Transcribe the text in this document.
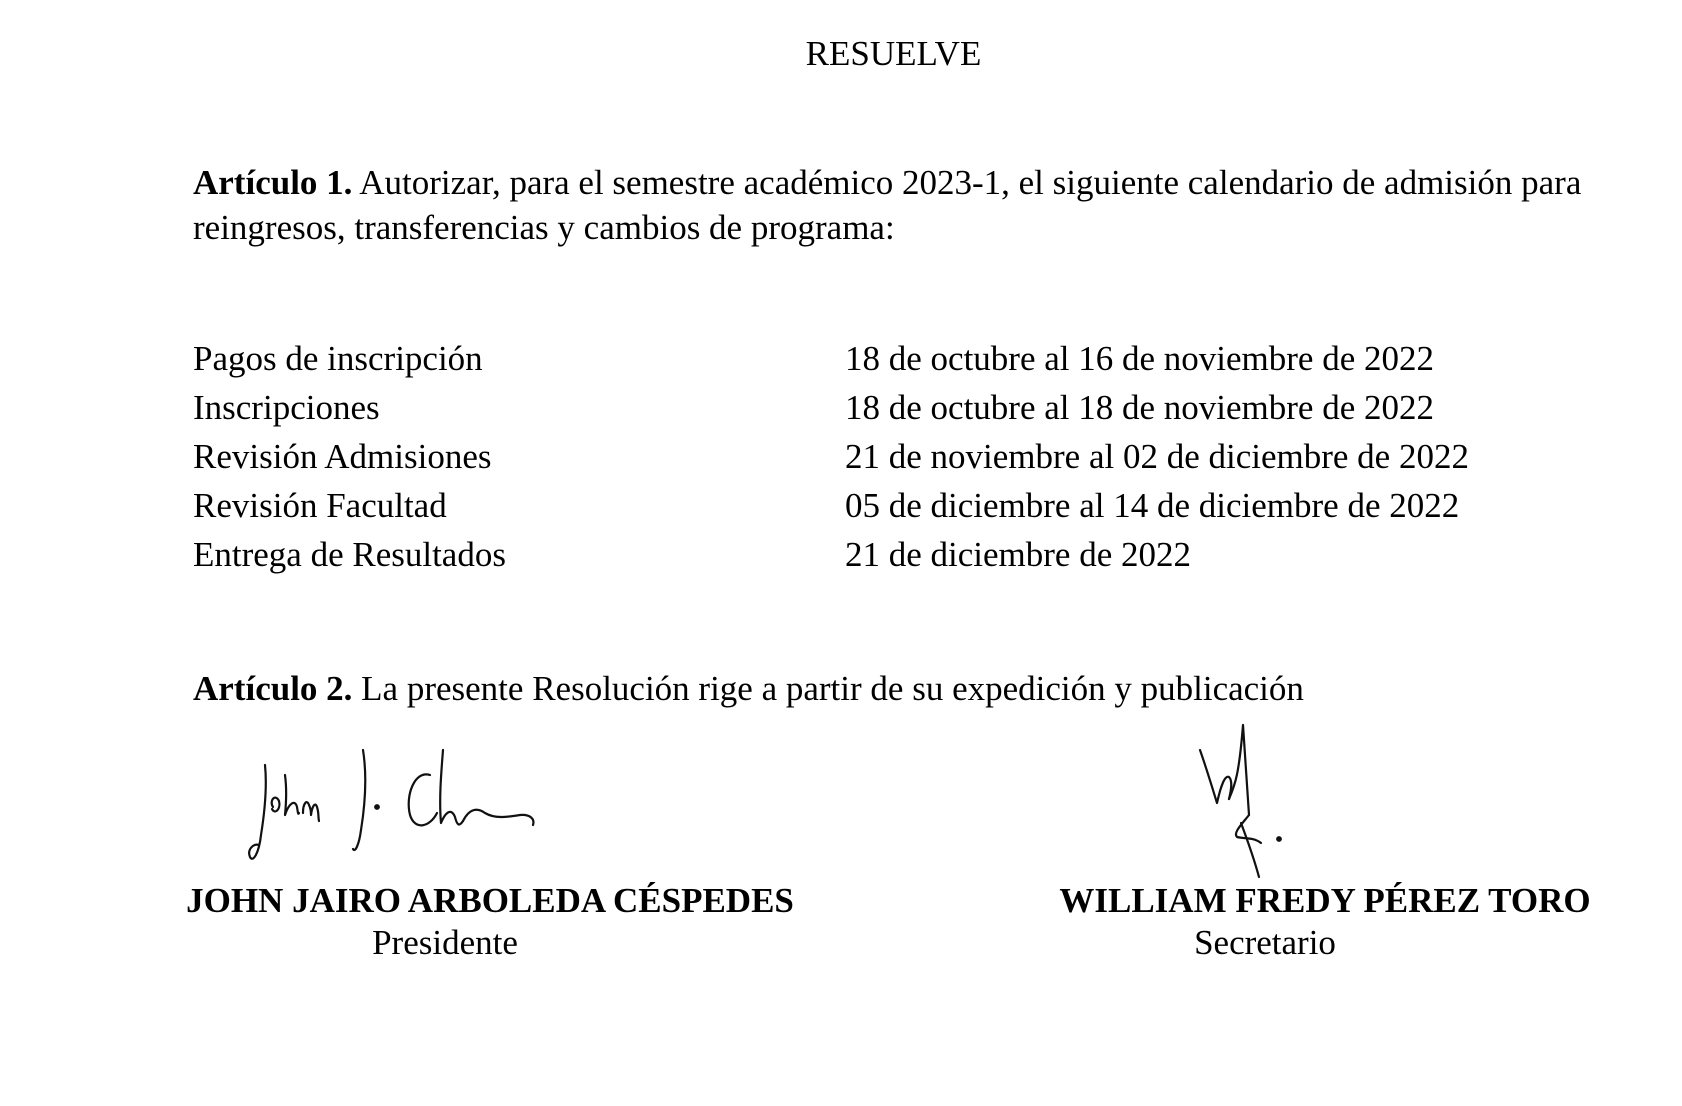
RESUELVE
Artículo 1. Autorizar, para el semestre académico 2023-1, el siguiente calendario de admisión para reingresos, transferencias y cambios de programa:
Pagos de inscripción	18 de octubre al 16 de noviembre de 2022
Inscripciones	18 de octubre al 18 de noviembre de 2022
Revisión Admisiones	21 de noviembre al 02 de diciembre de 2022
Revisión Facultad	05 de diciembre al 14 de diciembre de 2022
Entrega de Resultados	21 de diciembre de 2022
Artículo 2. La presente Resolución rige a partir de su expedición y publicación
JOHN JAIRO ARBOLEDA CÉSPEDES
Presidente
WILLIAM FREDY PÉREZ TORO
Secretario
